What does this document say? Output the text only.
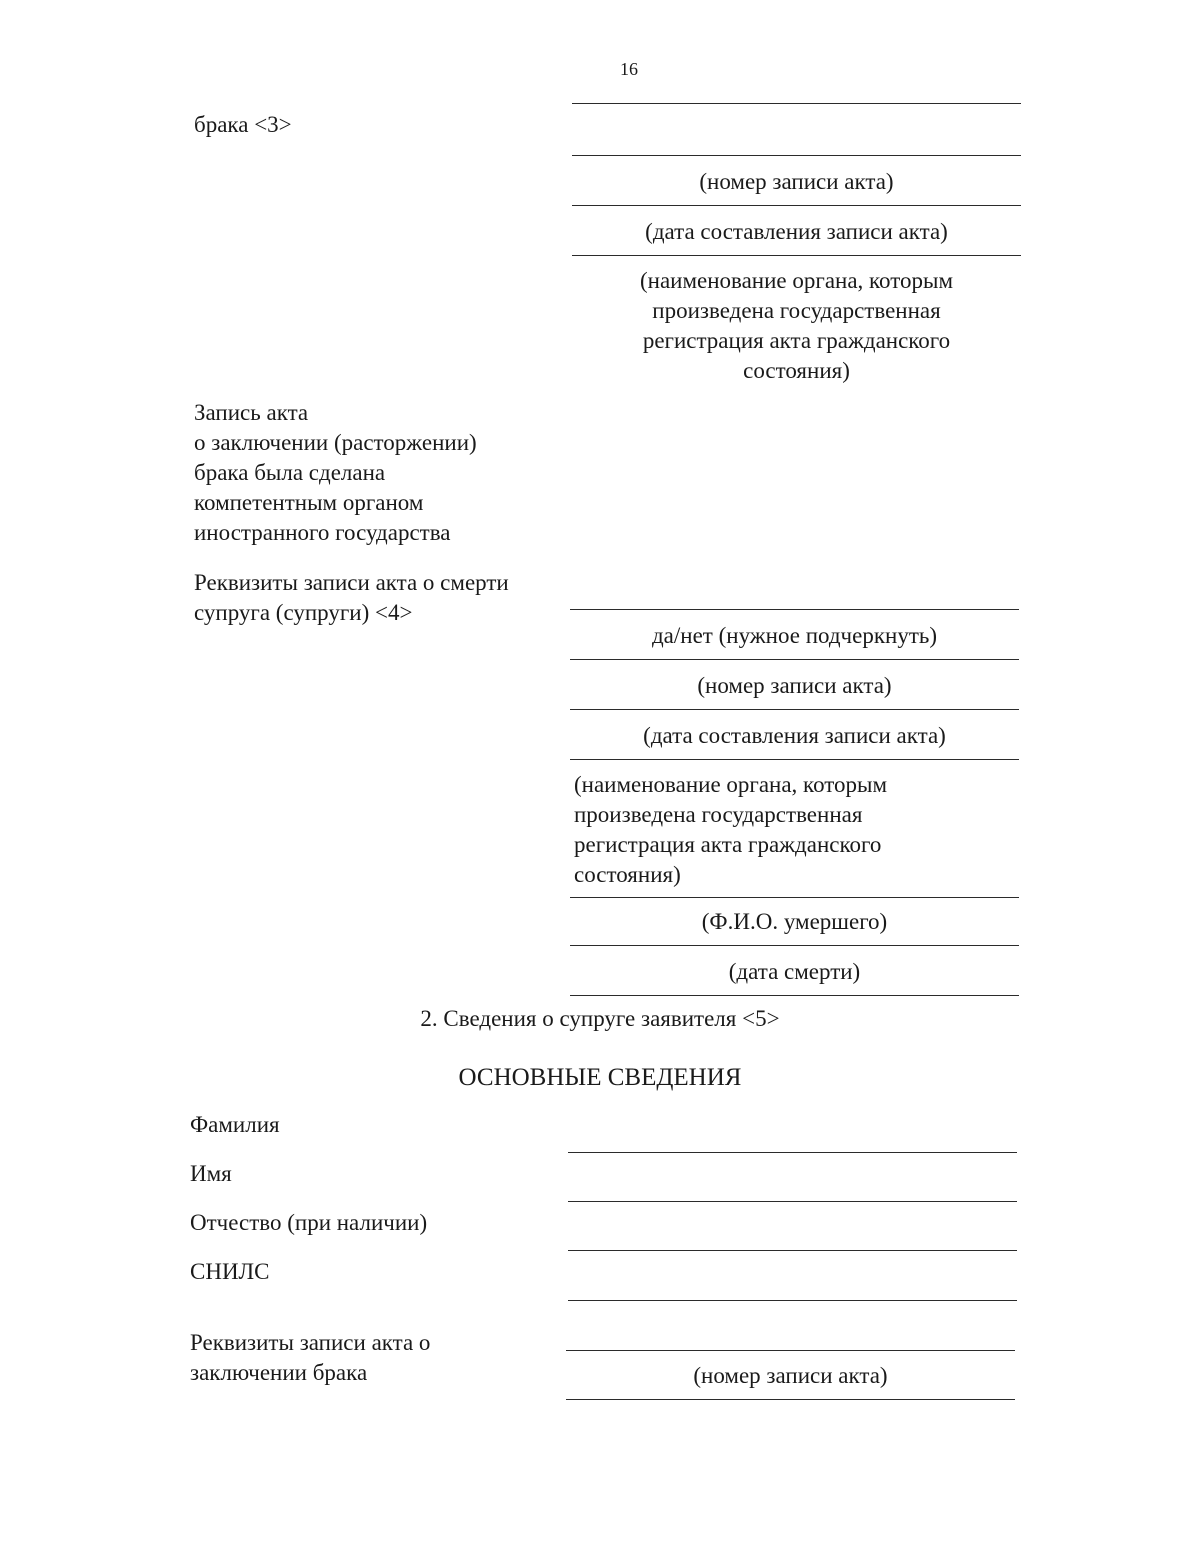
16
брака <3>
(номер записи акта)
(дата составления записи акта)
(наименование органа, которым
произведена государственная
регистрация акта гражданского
состояния)
Запись акта
о заключении (расторжении)
брака была сделана
компетентным органом
иностранного государства
Реквизиты записи акта о смерти
супруга (супруги) <4>
да/нет (нужное подчеркнуть)
(номер записи акта)
(дата составления записи акта)
(наименование органа, которым
произведена государственная
регистрация акта гражданского
состояния)
(Ф.И.О. умершего)
(дата смерти)
2. Сведения о супруге заявителя <5>
ОСНОВНЫЕ СВЕДЕНИЯ
Фамилия
Имя
Отчество (при наличии)
СНИЛС
Реквизиты записи акта о
заключении брака	(номер записи акта)
